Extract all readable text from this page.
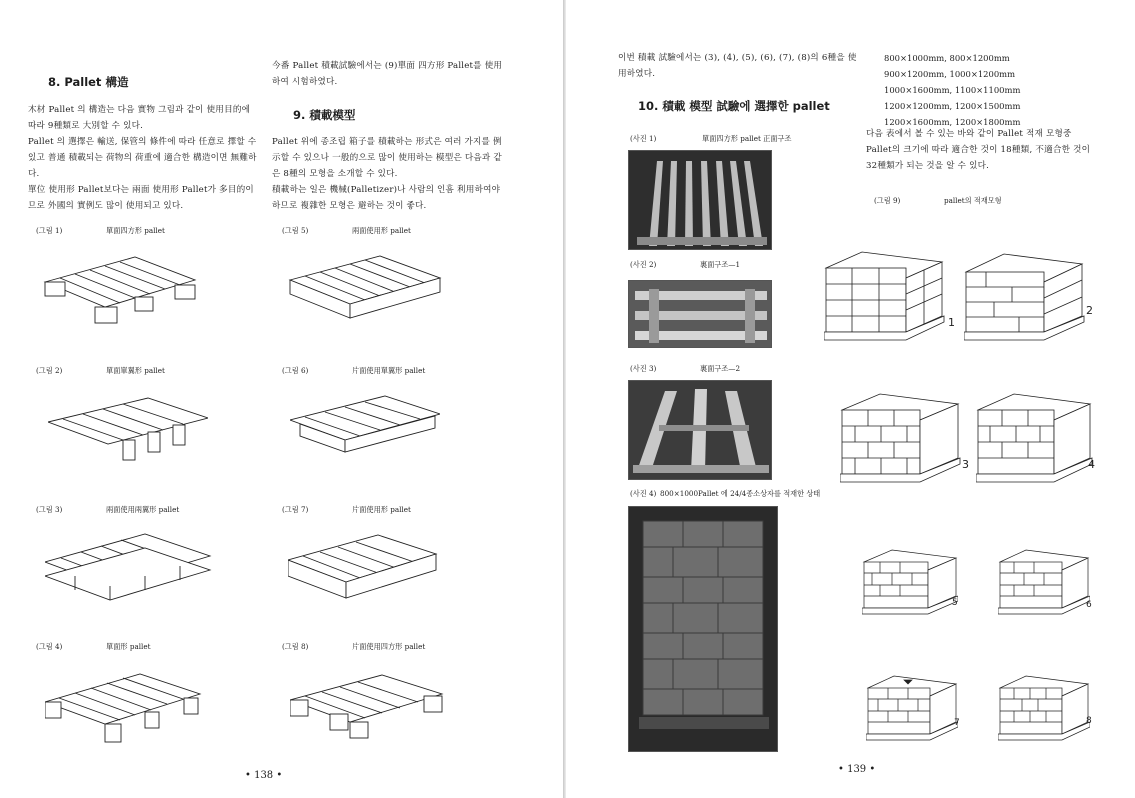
8. Pallet 構造
木材 Pallet 의 構造는 다음 實物 그림과 같이 使用目的에 따라 9種類로 大別할 수 있다.
Pallet 의 選擇은 輸送, 保管의 條件에 따라 任意로 擇할 수 있고 普通 積載되는 荷物의 荷重에 適合한 構造이면 無難하다.
單位 使用形 Pallet보다는 兩面 使用形 Pallet가 多目的이므로 外國의 實例도 많이 使用되고 있다.
今番 Pallet 積載試驗에서는 (9)單面 四方形 Pallet를 使用하여 시험하였다.
9. 積載模型
Pallet 위에 종조립 箱子를 積載하는 形式은 여러 가지를 例示할 수 있으나 一般的으로 많이 使用하는 模型은 다음과 같은 8種의 모형을 소개할 수 있다.
積載하는 일은 機械(Palletizer)나 사람의 인흠 利用하여야 하므로 複雜한 모형은 避하는 것이 좋다.
(그림 1)	單面四方形 pallet	(그림 5)	兩面使用形 pallet
(그림 2)	單面單翼形 pallet	(그림 6)	片面使用單翼形 pallet
(그림 3)	兩面使用兩翼形 pallet	(그림 7)	片面使用形 pallet
(그림 4)	單面形 pallet	(그림 8)	片面使用四方形 pallet
• 138 •
이번 積載 試驗에서는 (3), (4), (5), (6), (7), (8)의 6種을 使用하였다.
10. 積載 模型 試驗에 選擇한 pallet
800×1000mm, 800×1200mm
900×1200mm, 1000×1200mm
1000×1600mm, 1100×1100mm
1200×1200mm, 1200×1500mm
1200×1600mm, 1200×1800mm
다음 表에서 볼 수 있는 바와 같이 Pallet 적재 모형중 Pallet의 크기에 따라 適合한 것이 18種類, 不適合한 것이 32種類가 되는 것을 알 수 있다.
(사진 1)	單面四方形 pallet 正面구조
(사진 2)	裏面구조—1
(사진 3)	裏面구조—2
(사진 4) 800×1000Pallet 에 24/4종소상자를 적재한 상태
(그림 9)	pallet의 적재모형
1
2
3	4
5	6
7	8
• 139 •
